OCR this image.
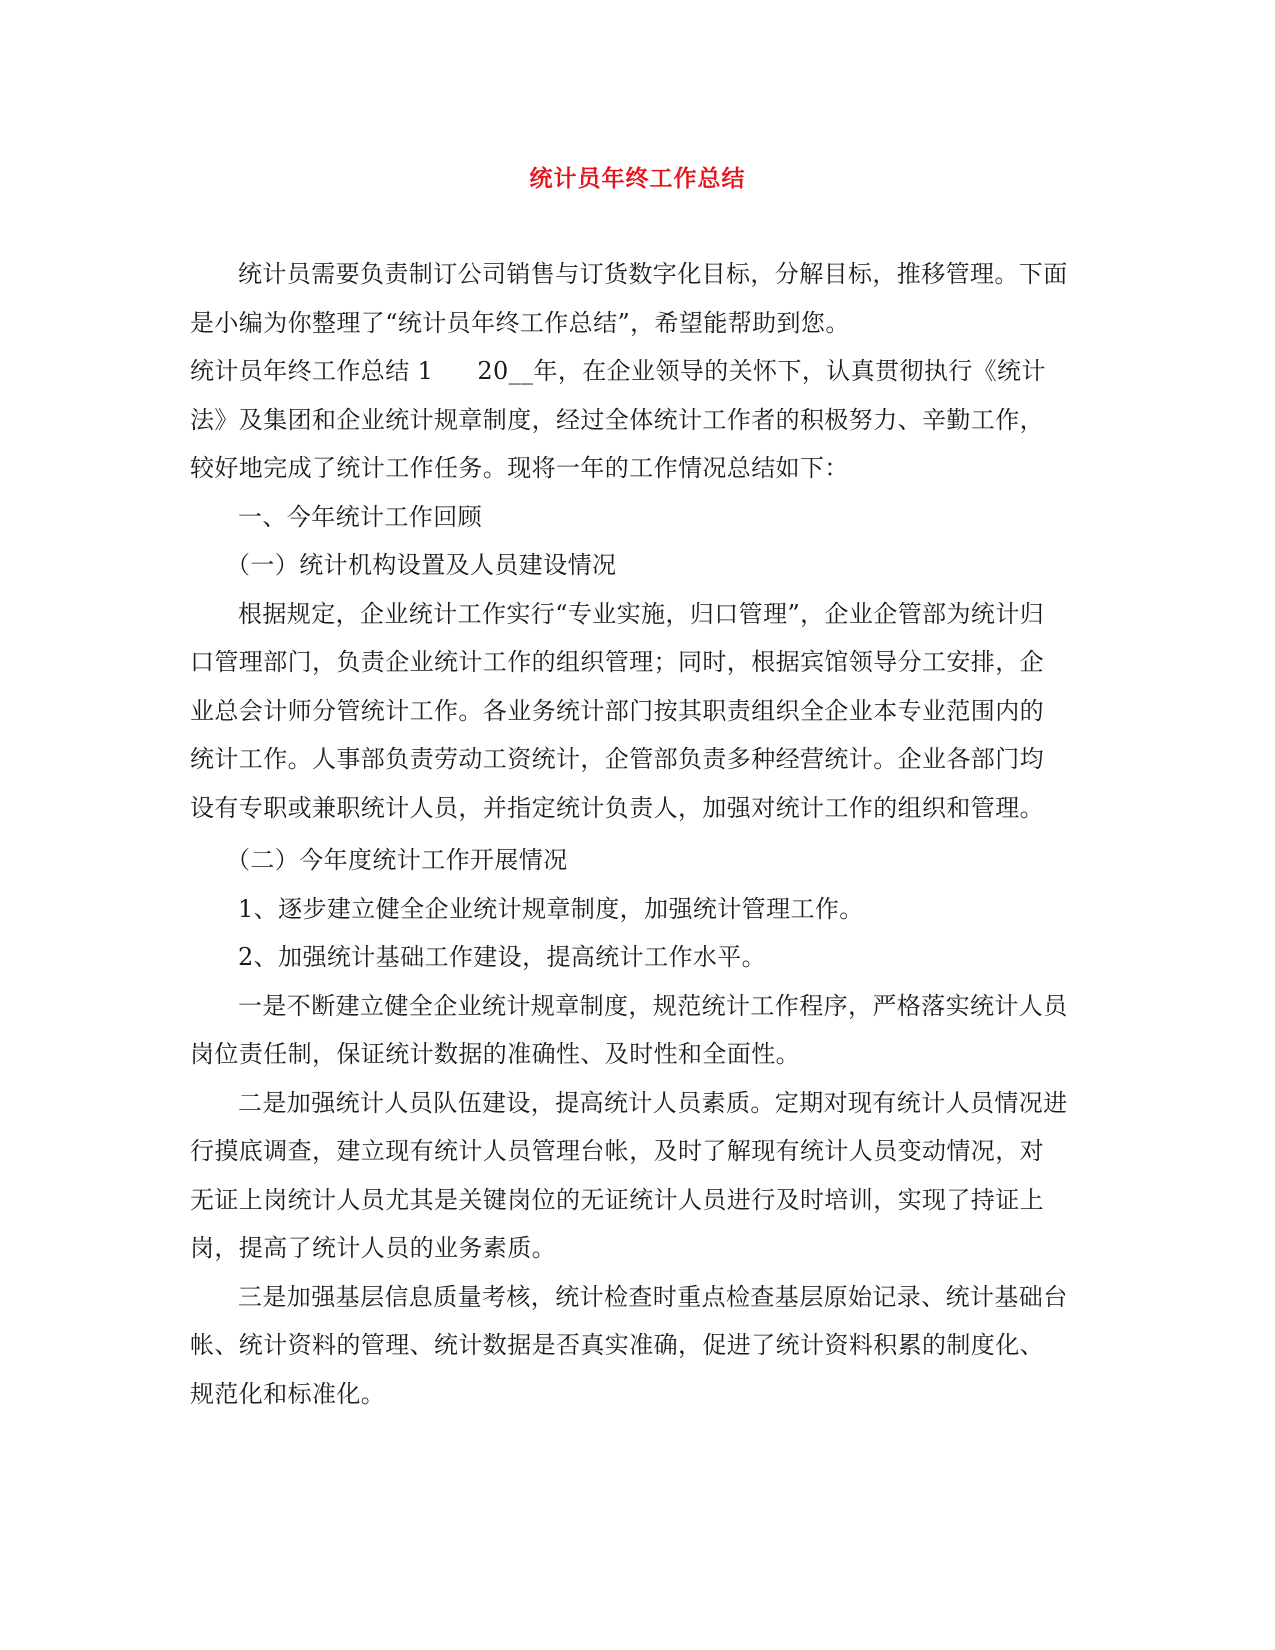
统计员年终工作总结

统计员需要负责制订公司销售与订货数字化目标，分解目标，推移管理。下面是小编为你整理了“统计员年终工作总结”，希望能帮助到您。

统计员年终工作总结 1 20__年，在企业领导的关怀下，认真贯彻执行《统计法》及集团和企业统计规章制度，经过全体统计工作者的积极努力、辛勤工作，较好地完成了统计工作任务。现将一年的工作情况总结如下：

一、今年统计工作回顾

（一）统计机构设置及人员建设情况

根据规定，企业统计工作实行“专业实施，归口管理”，企业企管部为统计归口管理部门，负责企业统计工作的组织管理；同时，根据宾馆领导分工安排，企业总会计师分管统计工作。各业务统计部门按其职责组织全企业本专业范围内的统计工作。人事部负责劳动工资统计，企管部负责多种经营统计。企业各部门均设有专职或兼职统计人员，并指定统计负责人，加强对统计工作的组织和管理。

（二）今年度统计工作开展情况

1、逐步建立健全企业统计规章制度，加强统计管理工作。

2、加强统计基础工作建设，提高统计工作水平。

一是不断建立健全企业统计规章制度，规范统计工作程序，严格落实统计人员岗位责任制，保证统计数据的准确性、及时性和全面性。

二是加强统计人员队伍建设，提高统计人员素质。定期对现有统计人员情况进行摸底调查，建立现有统计人员管理台帐，及时了解现有统计人员变动情况，对无证上岗统计人员尤其是关键岗位的无证统计人员进行及时培训，实现了持证上岗，提高了统计人员的业务素质。

三是加强基层信息质量考核，统计检查时重点检查基层原始记录、统计基础台帐、统计资料的管理、统计数据是否真实准确，促进了统计资料积累的制度化、规范化和标准化。
